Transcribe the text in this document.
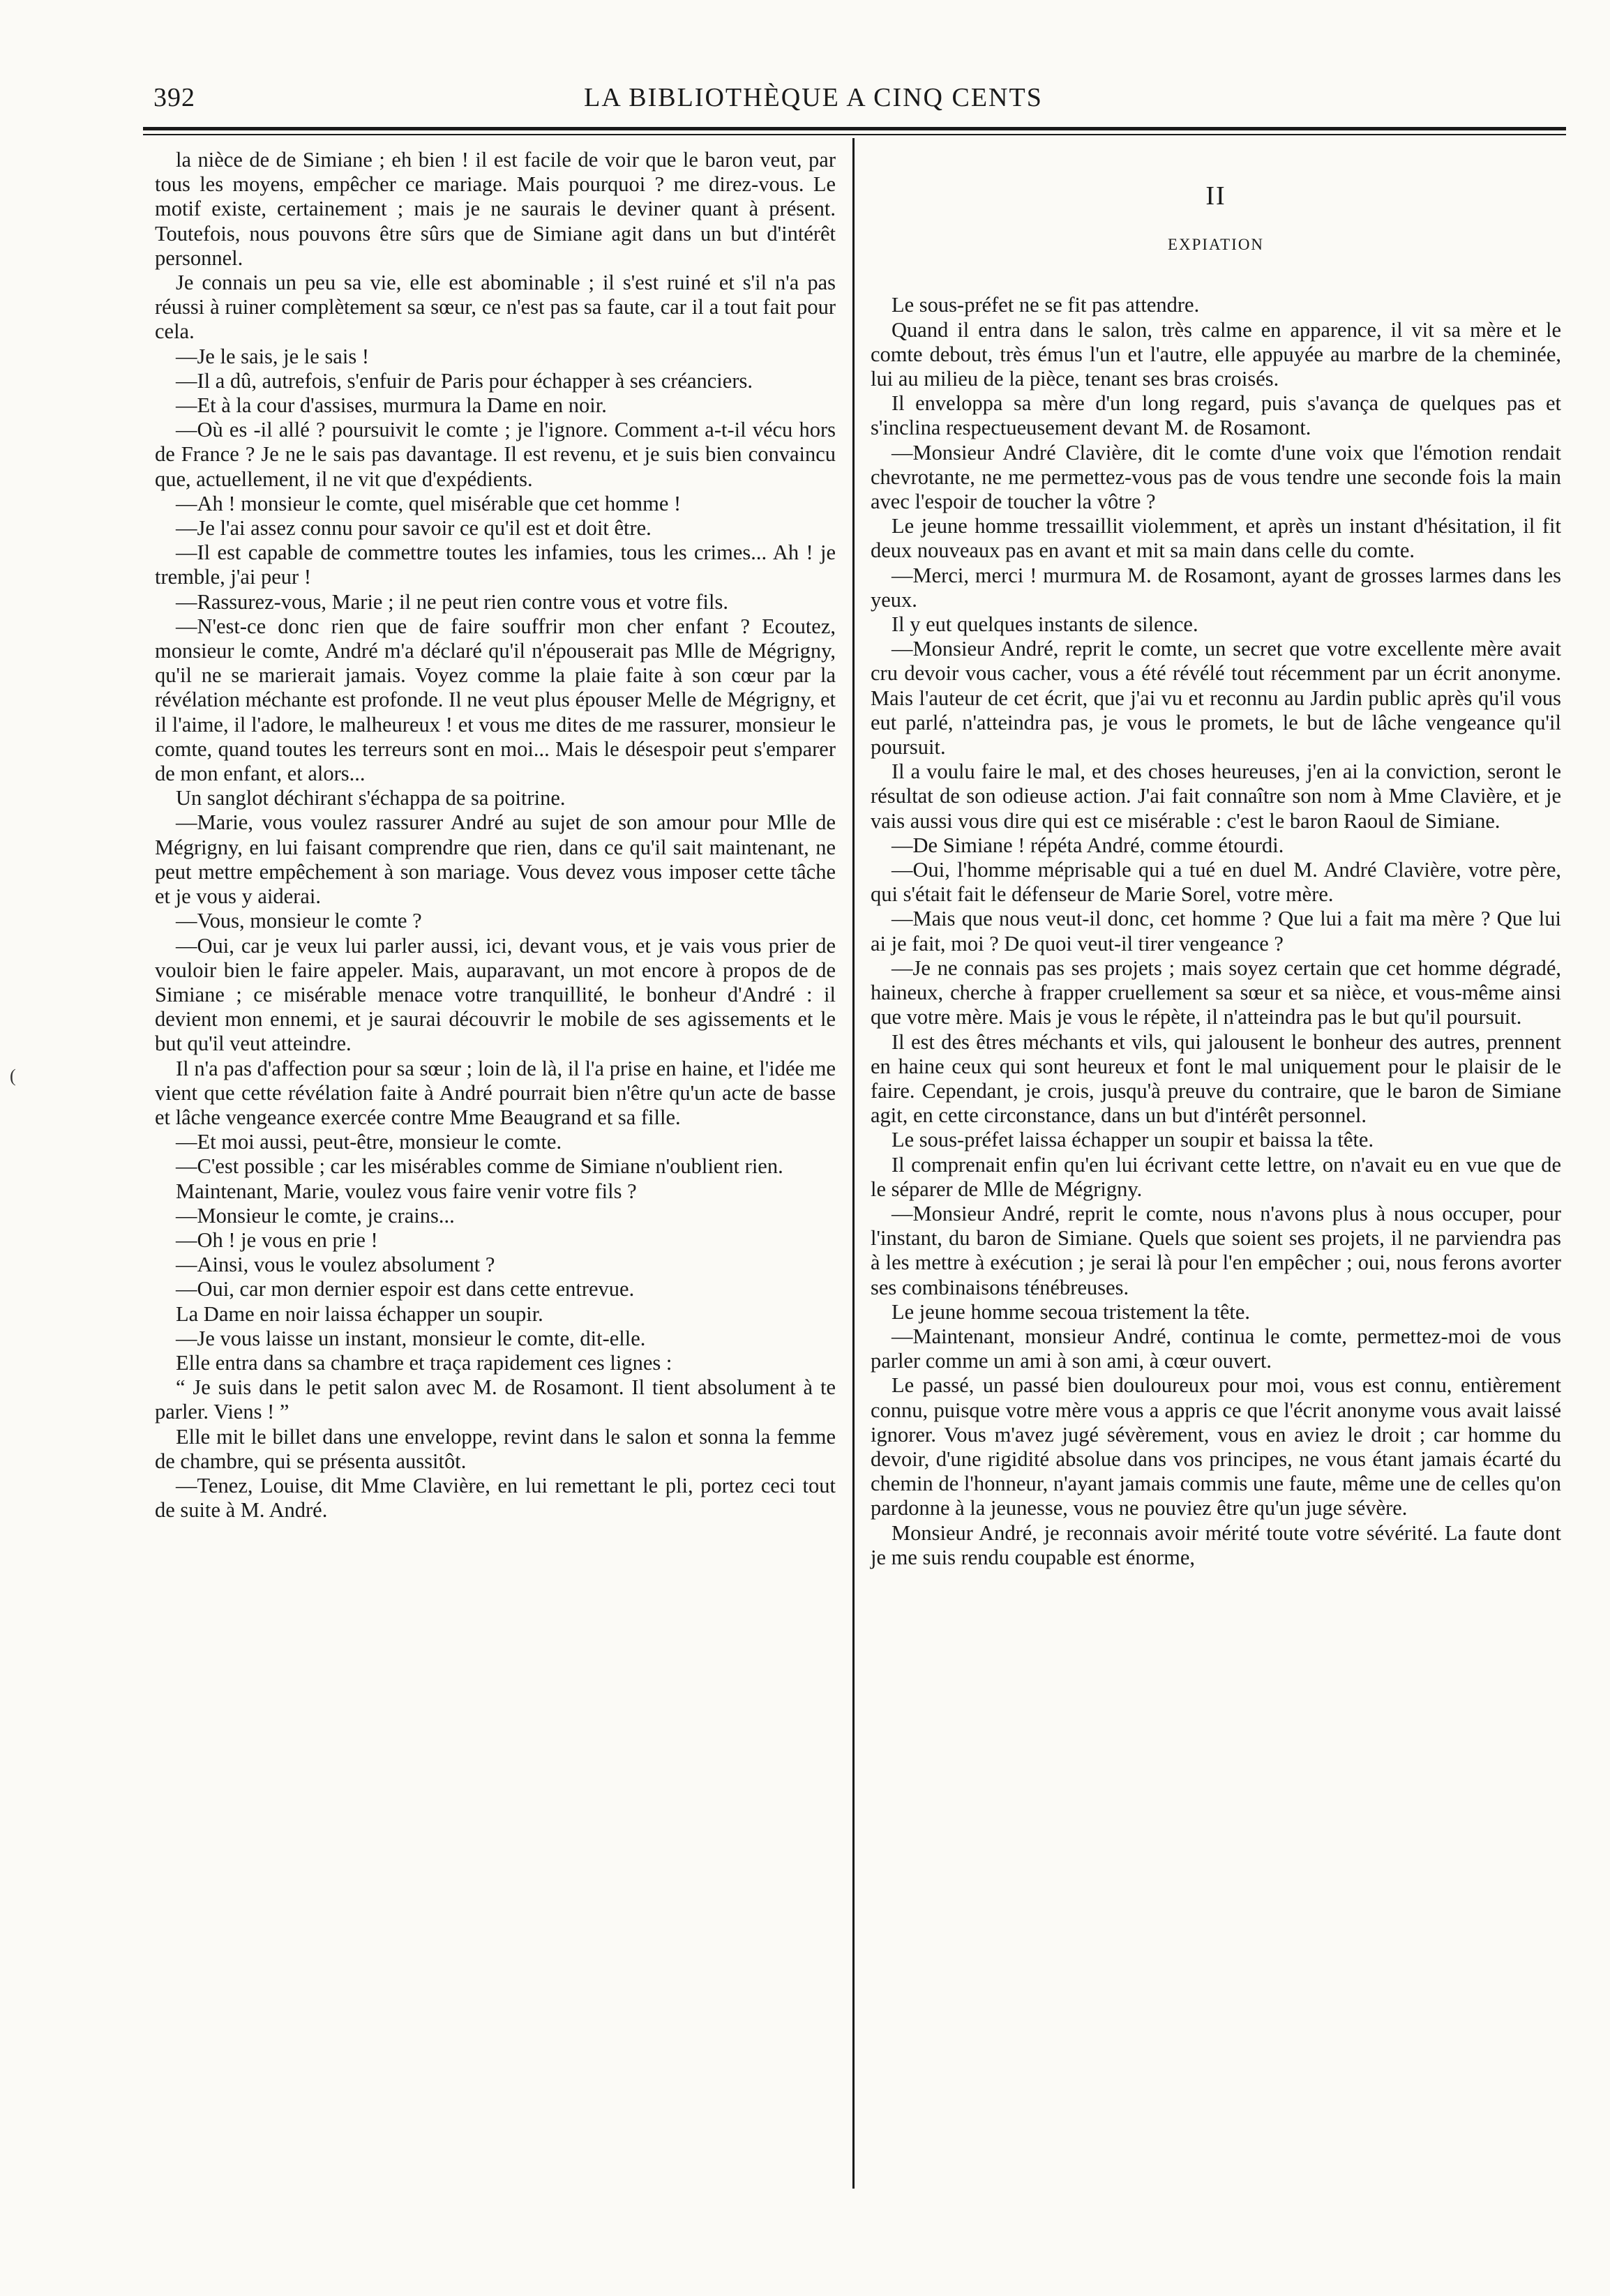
392	LA BIBLIOTHÈQUE A CINQ CENTS

la nièce de de Simiane ; eh bien ! il est facile de voir que le baron veut, par tous les moyens, empêcher ce mariage. Mais pourquoi ? me direz-vous. Le motif existe, certainement ; mais je ne saurais le deviner quant à présent. Toutefois, nous pouvons être sûrs que de Simiane agit dans un but d'intérêt personnel.

Je connais un peu sa vie, elle est abominable ; il s'est ruiné et s'il n'a pas réussi à ruiner complètement sa sœur, ce n'est pas sa faute, car il a tout fait pour cela.

—Je le sais, je le sais !

—Il a dû, autrefois, s'enfuir de Paris pour échapper à ses créanciers.

—Et à la cour d'assises, murmura la Dame en noir.

—Où es -il allé ? poursuivit le comte ; je l'ignore. Comment a-t-il vécu hors de France ? Je ne le sais pas davantage. Il est revenu, et je suis bien convaincu que, actuellement, il ne vit que d'expédients.

—Ah ! monsieur le comte, quel misérable que cet homme !

—Je l'ai assez connu pour savoir ce qu'il est et doit être.

—Il est capable de commettre toutes les infamies, tous les crimes... Ah ! je tremble, j'ai peur !

—Rassurez-vous, Marie ; il ne peut rien contre vous et votre fils.

—N'est-ce donc rien que de faire souffrir mon cher enfant ? Ecoutez, monsieur le comte, André m'a déclaré qu'il n'épouserait pas Mlle de Mégrigny, qu'il ne se marierait jamais. Voyez comme la plaie faite à son cœur par la révélation méchante est profonde. Il ne veut plus épouser Melle de Mégrigny, et il l'aime, il l'adore, le malheureux ! et vous me dites de me rassurer, monsieur le comte, quand toutes les terreurs sont en moi... Mais le désespoir peut s'emparer de mon enfant, et alors...

Un sanglot déchirant s'échappa de sa poitrine.

—Marie, vous voulez rassurer André au sujet de son amour pour Mlle de Mégrigny, en lui faisant comprendre que rien, dans ce qu'il sait maintenant, ne peut mettre empêchement à son mariage. Vous devez vous imposer cette tâche et je vous y aiderai.

—Vous, monsieur le comte ?

—Oui, car je veux lui parler aussi, ici, devant vous, et je vais vous prier de vouloir bien le faire appeler. Mais, auparavant, un mot encore à propos de de Simiane ; ce misérable menace votre tranquillité, le bonheur d'André : il devient mon ennemi, et je saurai découvrir le mobile de ses agissements et le but qu'il veut atteindre.

Il n'a pas d'affection pour sa sœur ; loin de là, il l'a prise en haine, et l'idée me vient que cette révélation faite à André pourrait bien n'être qu'un acte de basse et lâche vengeance exercée contre Mme Beaugrand et sa fille.

—Et moi aussi, peut-être, monsieur le comte.

—C'est possible ; car les misérables comme de Simiane n'oublient rien.

Maintenant, Marie, voulez vous faire venir votre fils ?

—Monsieur le comte, je crains...

—Oh ! je vous en prie !

—Ainsi, vous le voulez absolument ?

—Oui, car mon dernier espoir est dans cette entrevue.

La Dame en noir laissa échapper un soupir.

—Je vous laisse un instant, monsieur le comte, dit-elle.

Elle entra dans sa chambre et traça rapidement ces lignes :

“ Je suis dans le petit salon avec M. de Rosamont. Il tient absolument à te parler. Viens ! ”

Elle mit le billet dans une enveloppe, revint dans le salon et sonna la femme de chambre, qui se présenta aussitôt.

—Tenez, Louise, dit Mme Clavière, en lui remettant le pli, portez ceci tout de suite à M. André.

II
EXPIATION

Le sous-préfet ne se fit pas attendre.

Quand il entra dans le salon, très calme en apparence, il vit sa mère et le comte debout, très émus l'un et l'autre, elle appuyée au marbre de la cheminée, lui au milieu de la pièce, tenant ses bras croisés.

Il enveloppa sa mère d'un long regard, puis s'avança de quelques pas et s'inclina respectueusement devant M. de Rosamont.

—Monsieur André Clavière, dit le comte d'une voix que l'émotion rendait chevrotante, ne me permettez-vous pas de vous tendre une seconde fois la main avec l'espoir de toucher la vôtre ?

Le jeune homme tressaillit violemment, et après un instant d'hésitation, il fit deux nouveaux pas en avant et mit sa main dans celle du comte.

—Merci, merci ! murmura M. de Rosamont, ayant de grosses larmes dans les yeux.

Il y eut quelques instants de silence.

—Monsieur André, reprit le comte, un secret que votre excellente mère avait cru devoir vous cacher, vous a été révélé tout récemment par un écrit anonyme. Mais l'auteur de cet écrit, que j'ai vu et reconnu au Jardin public après qu'il vous eut parlé, n'atteindra pas, je vous le promets, le but de lâche vengeance qu'il poursuit.

Il a voulu faire le mal, et des choses heureuses, j'en ai la conviction, seront le résultat de son odieuse action. J'ai fait connaître son nom à Mme Clavière, et je vais aussi vous dire qui est ce misérable : c'est le baron Raoul de Simiane.

—De Simiane ! répéta André, comme étourdi.

—Oui, l'homme méprisable qui a tué en duel M. André Clavière, votre père, qui s'était fait le défenseur de Marie Sorel, votre mère.

—Mais que nous veut-il donc, cet homme ? Que lui a fait ma mère ? Que lui ai je fait, moi ? De quoi veut-il tirer vengeance ?

—Je ne connais pas ses projets ; mais soyez certain que cet homme dégradé, haineux, cherche à frapper cruellement sa sœur et sa nièce, et vous-même ainsi que votre mère. Mais je vous le répète, il n'atteindra pas le but qu'il poursuit.

Il est des êtres méchants et vils, qui jalousent le bonheur des autres, prennent en haine ceux qui sont heureux et font le mal uniquement pour le plaisir de le faire. Cependant, je crois, jusqu'à preuve du contraire, que le baron de Simiane agit, en cette circonstance, dans un but d'intérêt personnel.

Le sous-préfet laissa échapper un soupir et baissa la tête.

Il comprenait enfin qu'en lui écrivant cette lettre, on n'avait eu en vue que de le séparer de Mlle de Mégrigny.

—Monsieur André, reprit le comte, nous n'avons plus à nous occuper, pour l'instant, du baron de Simiane. Quels que soient ses projets, il ne parviendra pas à les mettre à exécution ; je serai là pour l'en empêcher ; oui, nous ferons avorter ses combinaisons ténébreuses.

Le jeune homme secoua tristement la tête.

—Maintenant, monsieur André, continua le comte, permettez-moi de vous parler comme un ami à son ami, à cœur ouvert.

Le passé, un passé bien douloureux pour moi, vous est connu, entièrement connu, puisque votre mère vous a appris ce que l'écrit anonyme vous avait laissé ignorer. Vous m'avez jugé sévèrement, vous en aviez le droit ; car homme du devoir, d'une rigidité absolue dans vos principes, ne vous étant jamais écarté du chemin de l'honneur, n'ayant jamais commis une faute, même une de celles qu'on pardonne à la jeunesse, vous ne pouviez être qu'un juge sévère.

Monsieur André, je reconnais avoir mérité toute votre sévérité. La faute dont je me suis rendu coupable est énorme,

(
